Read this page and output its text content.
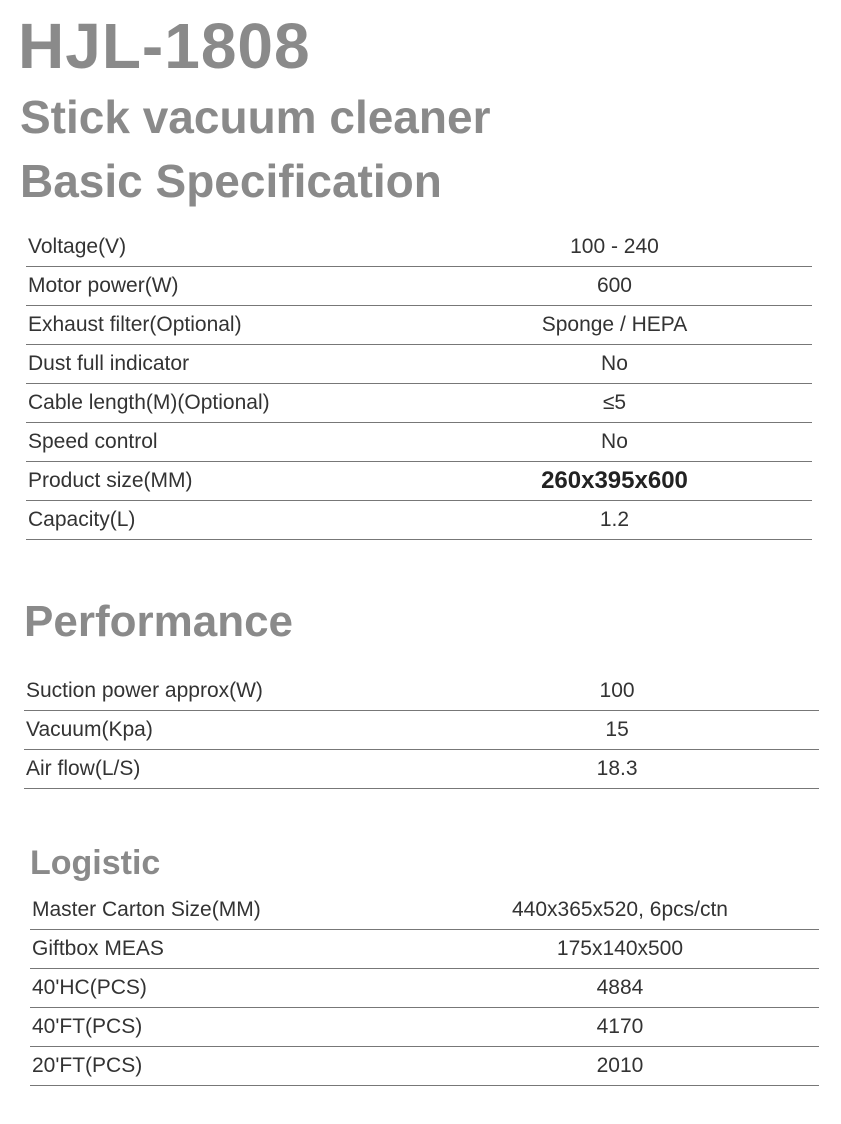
HJL-1808
Stick vacuum cleaner
Basic Specification
Voltage(V)	100 - 240
Motor power(W)	600
Exhaust filter(Optional)	Sponge / HEPA
Dust full indicator	No
Cable length(M)(Optional)	≤5
Speed control	No
Product size(MM)	260x395x600
Capacity(L)	1.2
Performance
Suction power approx(W)	100
Vacuum(Kpa)	15
Air flow(L/S)	18.3
Logistic
Master Carton Size(MM)	440x365x520, 6pcs/ctn
Giftbox MEAS	175x140x500
40'HC(PCS)	4884
40'FT(PCS)	4170
20'FT(PCS)	2010
